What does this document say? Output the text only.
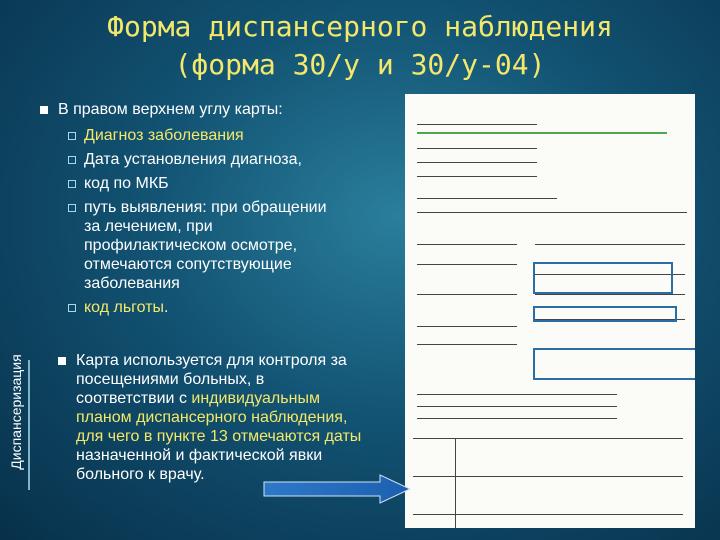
Форма диспансерного наблюдения
(форма 30/у и 30/у-04)
Диспансеризация
В правом верхнем углу карты:
Диагноз заболевания
Дата установления диагноза,
код по МКБ
путь выявления: при обращении
за лечением, при
профилактическом осмотре,
отмечаются сопутствующие
заболевания
код льготы.
Карта используется для контроля за
посещениями больных, в
соответствии с индивидуальным
планом диспансерного наблюдения,
для чего в пункте 13 отмечаются даты
назначенной и фактической явки
больного к врачу.
